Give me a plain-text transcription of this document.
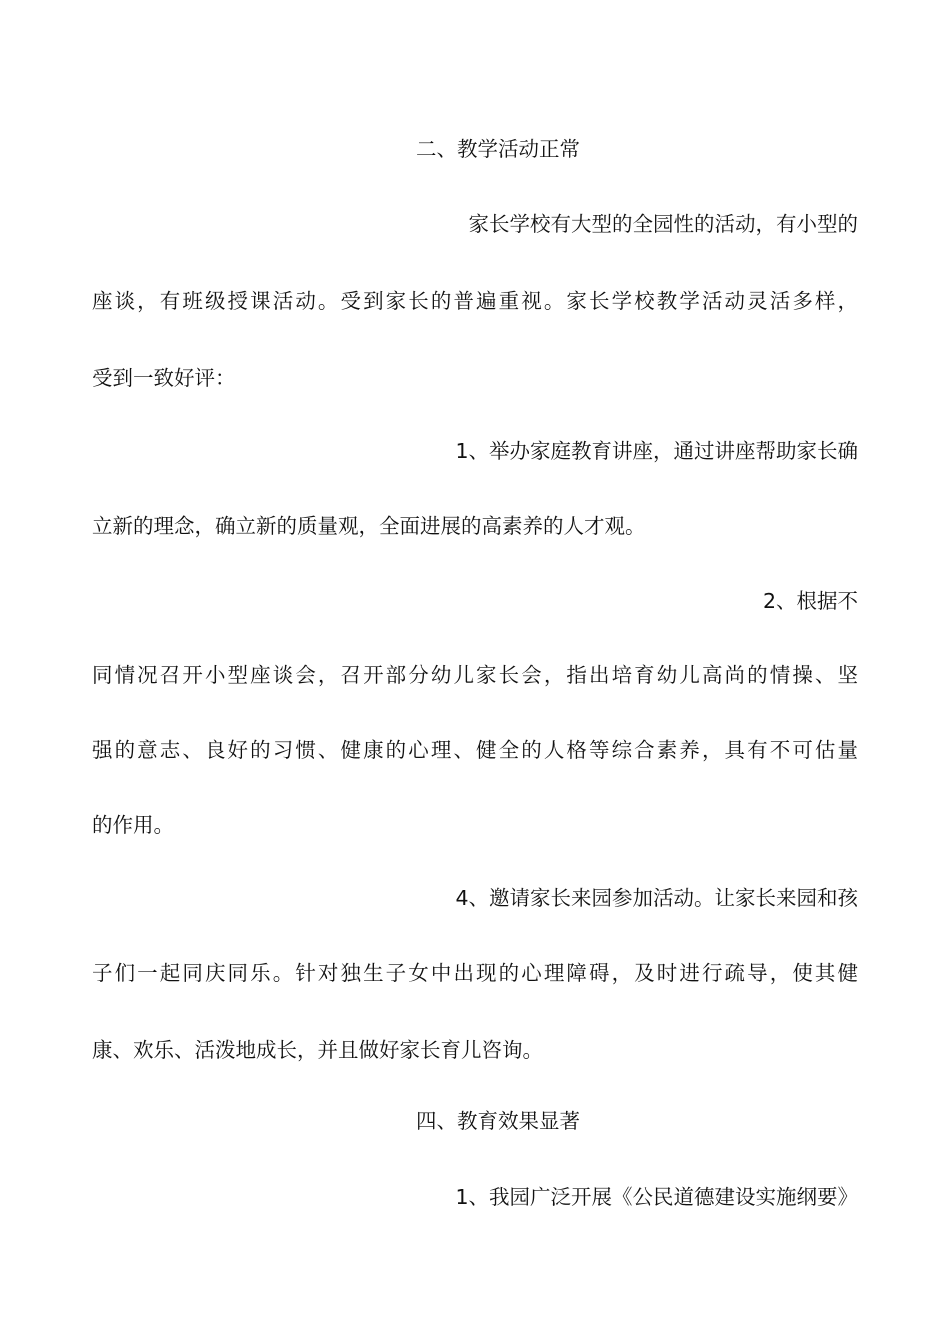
二、教学活动正常
家长学校有大型的全园性的活动，有小型的
座谈，有班级授课活动。受到家长的普遍重视。家长学校教学活动灵活多样，
受到一致好评：
1、举办家庭教育讲座，通过讲座帮助家长确
立新的理念，确立新的质量观，全面进展的高素养的人才观。
2、根据不
同情况召开小型座谈会，召开部分幼儿家长会，指出培育幼儿高尚的情操、坚
强的意志、良好的习惯、健康的心理、健全的人格等综合素养，具有不可估量
的作用。
4、邀请家长来园参加活动。让家长来园和孩
子们一起同庆同乐。针对独生子女中出现的心理障碍，及时进行疏导，使其健
康、欢乐、活泼地成长，并且做好家长育儿咨询。
四、教育效果显著
1、我园广泛开展《公民道德建设实施纲要》
